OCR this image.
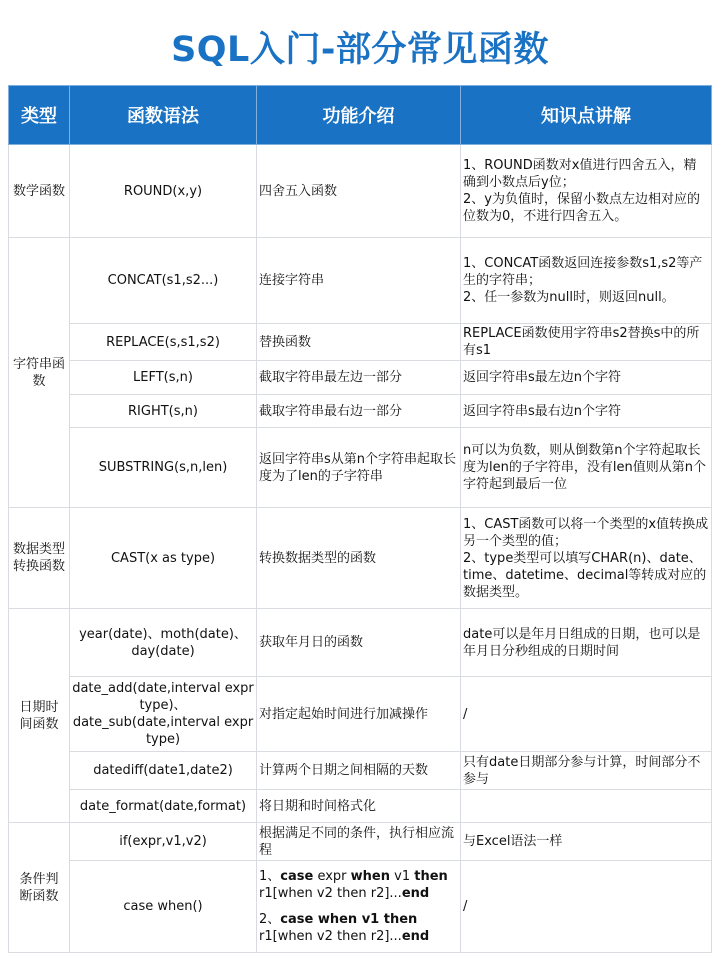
SQL入门-部分常见函数
类型	函数语法	功能介绍	知识点讲解
数学函数	ROUND(x,y)	四舍五入函数	1、ROUND函数对x值进行四舍五入，精确到小数点后y位；
2、y为负值时，保留小数点左边相对应的位数为0，不进行四舍五入。
字符串函数	CONCAT(s1,s2...)	连接字符串	1、CONCAT函数返回连接参数s1,s2等产生的字符串；
2、任一参数为null时，则返回null。
	REPLACE(s,s1,s2)	替换函数	REPLACE函数使用字符串s2替换s中的所有s1
	LEFT(s,n)	截取字符串最左边一部分	返回字符串s最左边n个字符
	RIGHT(s,n)	截取字符串最右边一部分	返回字符串s最右边n个字符
	SUBSTRING(s,n,len)	返回字符串s从第n个字符串起取长度为了len的子字符串	n可以为负数，则从倒数第n个字符起取长度为len的子字符串，没有len值则从第n个字符起到最后一位
数据类型转换函数	CAST(x as type)	转换数据类型的函数	1、CAST函数可以将一个类型的x值转换成另一个类型的值；
2、type类型可以填写CHAR(n)、date、time、datetime、decimal等转成对应的数据类型。
日期时间函数	year(date)、moth(date)、day(date)	获取年月日的函数	date可以是年月日组成的日期，也可以是年月日分秒组成的日期时间
	date_add(date,interval expr type)、date_sub(date,interval expr type)	对指定起始时间进行加减操作	/
	datediff(date1,date2)	计算两个日期之间相隔的天数	只有date日期部分参与计算，时间部分不参与
	date_format(date,format)	将日期和时间格式化	
条件判断函数	if(expr,v1,v2)	根据满足不同的条件，执行相应流程	与Excel语法一样
	case when()	1、case expr when v1 then
r1[when v2 then r2]...end
2、case when v1 then
r1[when v2 then r2]...end	/
